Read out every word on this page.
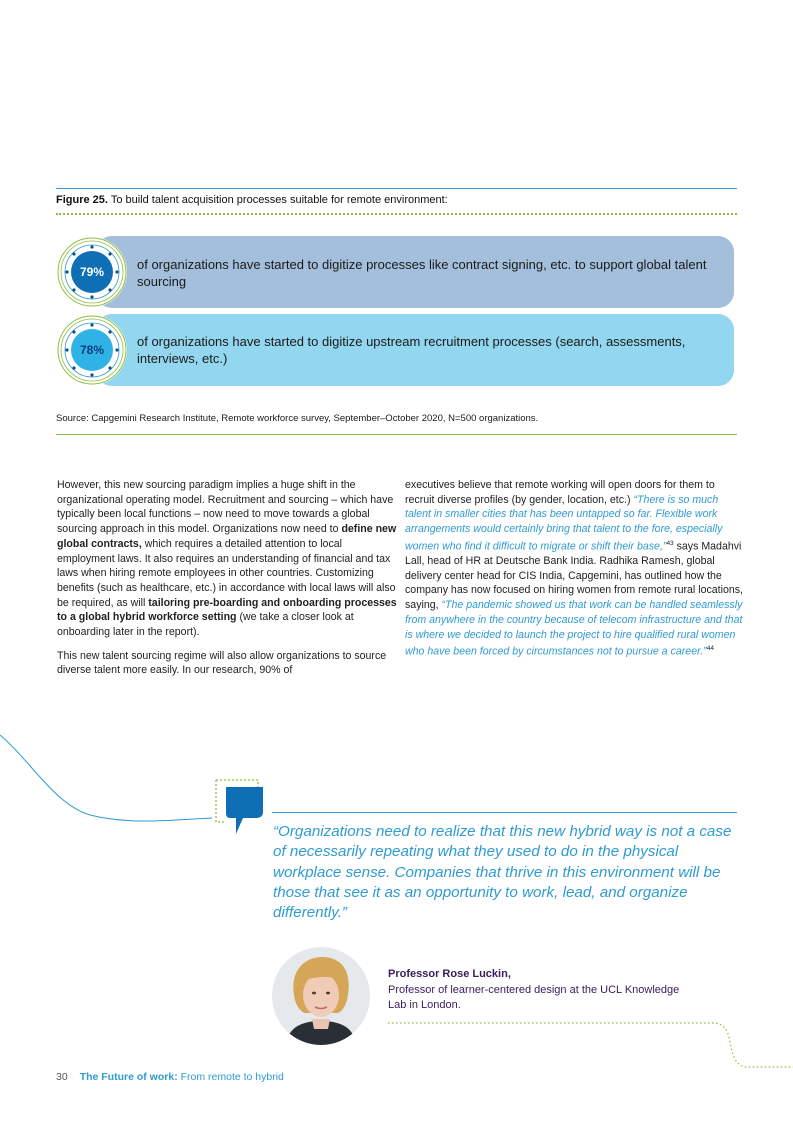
Figure 25. To build talent acquisition processes suitable for remote environment:
of organizations have started to digitize processes like contract signing, etc. to support global talent sourcing
79%
of organizations have started to digitize upstream recruitment processes (search, assessments, interviews, etc.)
78%
Source: Capgemini Research Institute, Remote workforce survey, September–October 2020, N=500 organizations.

However, this new sourcing paradigm implies a huge shift in the organizational operating model. Recruitment and sourcing – which have typically been local functions – now need to move towards a global sourcing approach in this model. Organizations now need to define new global contracts, which requires a detailed attention to local employment laws. It also requires an understanding of financial and tax laws when hiring remote employees in other countries. Customizing benefits (such as healthcare, etc.) in accordance with local laws will also be required, as will tailoring pre-boarding and onboarding processes to a global hybrid workforce setting (we take a closer look at onboarding later in the report).

This new talent sourcing regime will also allow organizations to source diverse talent more easily. In our research, 90% of

executives believe that remote working will open doors for them to recruit diverse profiles (by gender, location, etc.) “There is so much talent in smaller cities that has been untapped so far. Flexible work arrangements would certainly bring that talent to the fore, especially women who find it difficult to migrate or shift their base,”$^{43}$ says Madahvi Lall, head of HR at Deutsche Bank India. Radhika Ramesh, global delivery center head for CIS India, Capgemini, has outlined how the company has now focused on hiring women from remote rural locations, saying, “The pandemic showed us that work can be handled seamlessly from anywhere in the country because of telecom infrastructure and that is where we decided to launch the project to hire qualified rural women who have been forced by circumstances not to pursue a career.”$^{44}$

“Organizations need to realize that this new hybrid way is not a case of necessarily repeating what they used to do in the physical workplace sense. Companies that thrive in this environment will be those that see it as an opportunity to work, lead, and organize differently.”
Professor Rose Luckin,
Professor of learner-centered design at the UCL Knowledge Lab in London.
30 The Future of work: From remote to hybrid
